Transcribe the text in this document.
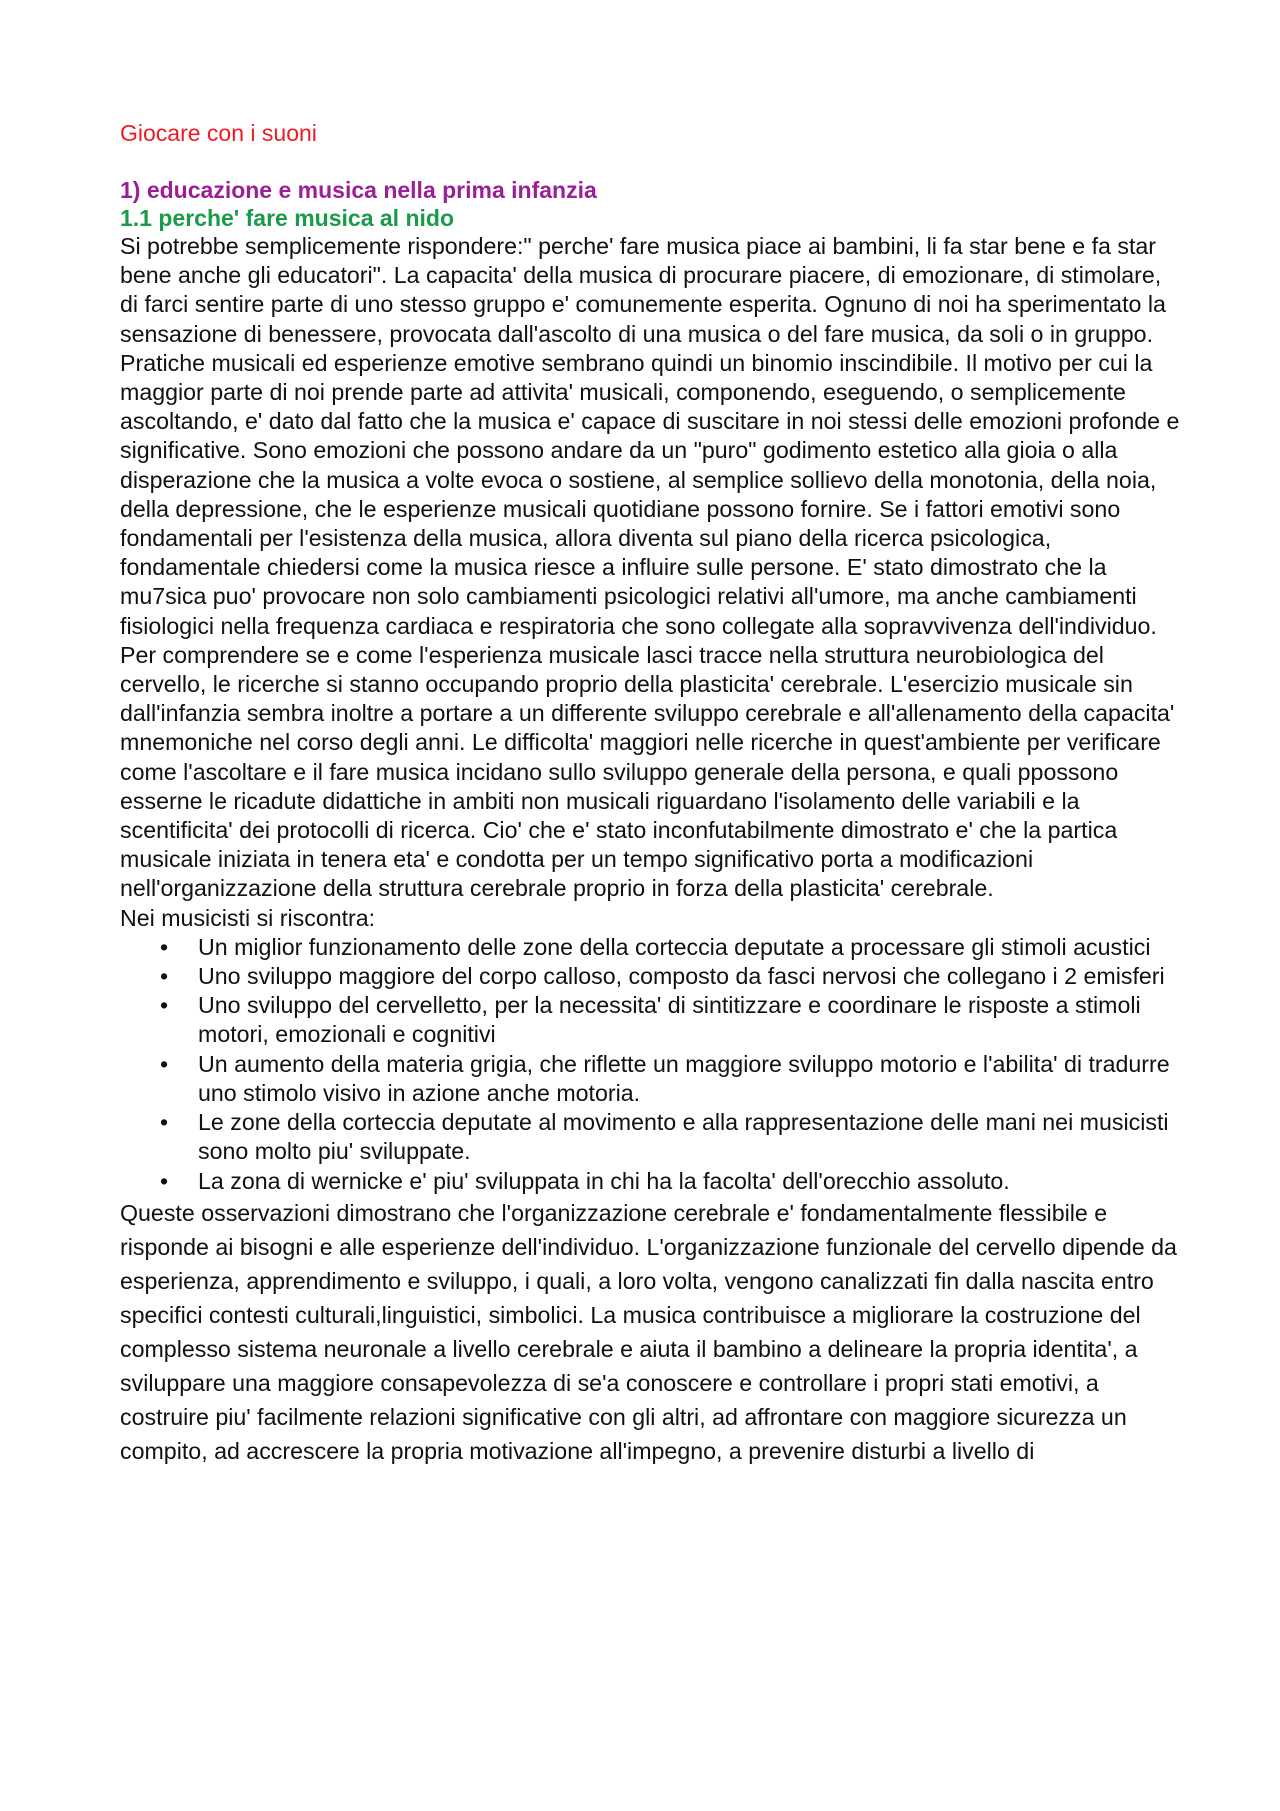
Giocare con i suoni
1) educazione e musica nella prima infanzia
1.1 perche' fare musica al nido

Si potrebbe semplicemente rispondere:" perche' fare musica piace ai bambini, li fa star bene e fa star bene anche gli educatori". La capacita' della musica di procurare piacere, di emozionare, di stimolare, di farci sentire parte di uno stesso gruppo e' comunemente esperita. Ognuno di noi ha sperimentato la sensazione di benessere, provocata dall'ascolto di una musica o del fare musica, da soli o in gruppo. Pratiche musicali ed esperienze emotive sembrano quindi un binomio inscindibile. Il motivo per cui la maggior parte di noi prende parte ad attivita' musicali, componendo, eseguendo, o semplicemente ascoltando, e' dato dal fatto che la musica e' capace di suscitare in noi stessi delle emozioni profonde e significative. Sono emozioni che possono andare da un "puro" godimento estetico alla gioia o alla disperazione che la musica a volte evoca o sostiene, al semplice sollievo della monotonia, della noia, della depressione, che le esperienze musicali quotidiane possono fornire. Se i fattori emotivi sono fondamentali per l'esistenza della musica, allora diventa sul piano della ricerca psicologica, fondamentale chiedersi come la musica riesce a influire sulle persone. E' stato dimostrato che la mu7sica puo' provocare non solo cambiamenti psicologici relativi all'umore, ma anche cambiamenti fisiologici nella frequenza cardiaca e respiratoria che sono collegate alla sopravvivenza dell'individuo. Per comprendere se e come l'esperienza musicale lasci tracce nella struttura neurobiologica del cervello, le ricerche si stanno occupando proprio della plasticita' cerebrale. L'esercizio musicale sin dall'infanzia sembra inoltre a portare a un differente sviluppo cerebrale e all'allenamento della capacita' mnemoniche nel corso degli anni. Le difficolta' maggiori nelle ricerche in quest'ambiente per verificare come l'ascoltare e il fare musica incidano sullo sviluppo generale della persona, e quali ppossono esserne le ricadute didattiche in ambiti non musicali riguardano l'isolamento delle variabili e la scentificita' dei protocolli di ricerca. Cio' che e' stato inconfutabilmente dimostrato e' che la partica musicale iniziata in tenera eta' e condotta per un tempo significativo porta a modificazioni nell'organizzazione della struttura cerebrale proprio in forza della plasticita' cerebrale.

Nei musicisti si riscontra:

• Un miglior funzionamento delle zone della corteccia deputate a processare gli stimoli acustici
• Uno sviluppo maggiore del corpo calloso, composto da fasci nervosi che collegano i 2 emisferi
• Uno sviluppo del cervelletto, per la necessita' di sintitizzare e coordinare le risposte a stimoli motori, emozionali e cognitivi
• Un aumento della materia grigia, che riflette un maggiore sviluppo motorio e l'abilita' di tradurre uno stimolo visivo in azione anche motoria.
• Le zone della corteccia deputate al movimento e alla rappresentazione delle mani nei musicisti sono molto piu' sviluppate.
• La zona di wernicke e' piu' sviluppata in chi ha la facolta' dell'orecchio assoluto.

Queste osservazioni dimostrano che l'organizzazione cerebrale e' fondamentalmente flessibile e risponde ai bisogni e alle esperienze dell'individuo. L'organizzazione funzionale del cervello dipende da esperienza, apprendimento e sviluppo, i quali, a loro volta, vengono canalizzati fin dalla nascita entro specifici contesti culturali,linguistici, simbolici. La musica contribuisce a migliorare la costruzione del complesso sistema neuronale a livello cerebrale e aiuta il bambino a delineare la propria identita', a sviluppare una maggiore consapevolezza di se'a conoscere e controllare i propri stati emotivi, a costruire piu' facilmente relazioni significative con gli altri, ad affrontare con maggiore sicurezza un compito, ad accrescere la propria motivazione all'impegno, a prevenire disturbi a livello di
